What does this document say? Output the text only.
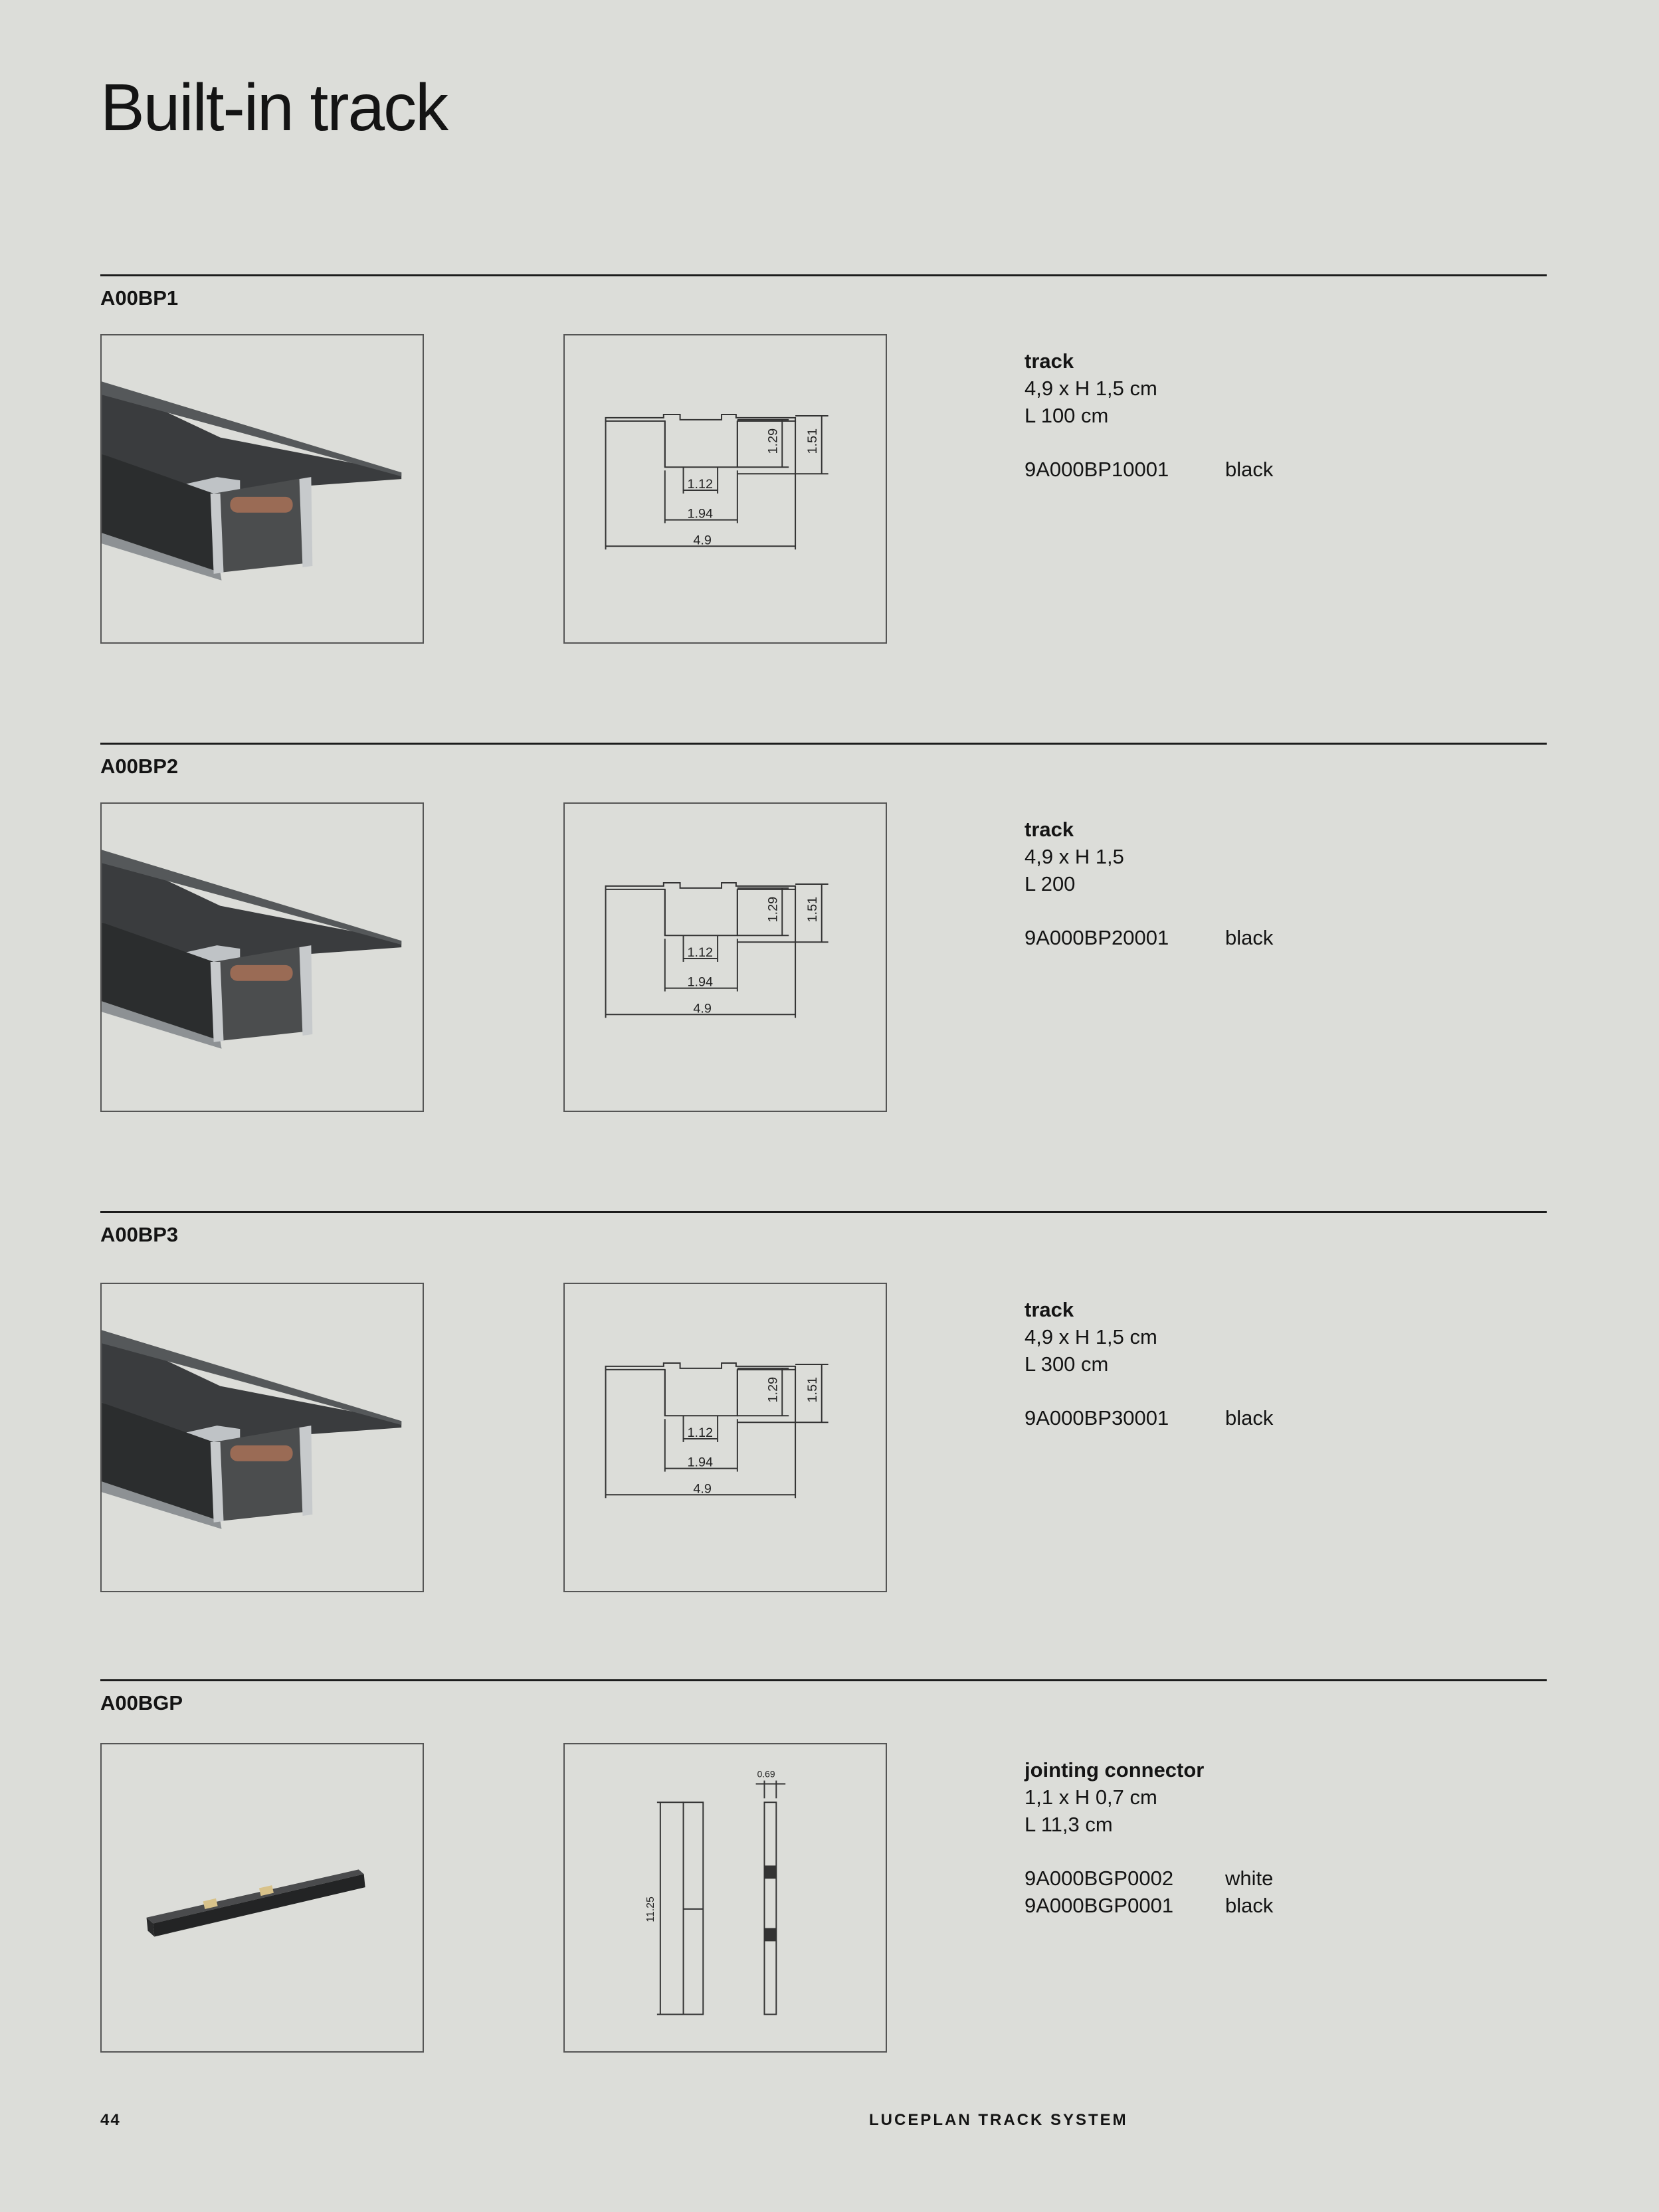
Built-in track
A00BP1
1.12
1.94
4.9
1.29 1.51
track
4,9 x H 1,5 cm
L 100 cm
9A000BP10001	black
A00BP2
1.12
1.94
4.9
1.29 1.51
track
4,9 x H 1,5
L 200
9A000BP20001	black
A00BP3
1.12
1.94
4.9
1.29 1.51
track
4,9 x H 1,5 cm
L 300 cm
9A000BP30001	black
A00BGP
0.69
11.25
jointing connector
1,1 x H 0,7 cm
L 11,3 cm
9A000BGP0002	white
9A000BGP0001	black
44	LUCEPLAN TRACK SYSTEM
